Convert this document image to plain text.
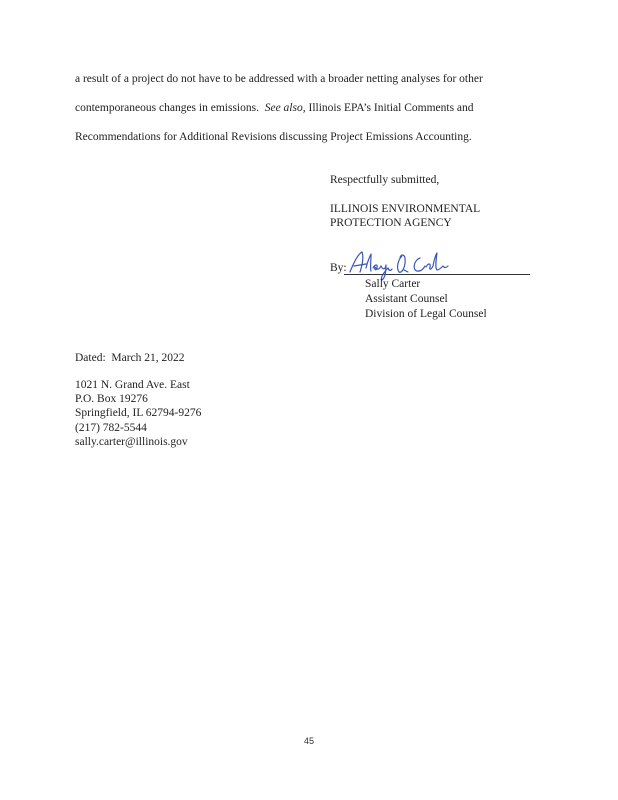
a result of a project do not have to be addressed with a broader netting analyses for other
contemporaneous changes in emissions. See also, Illinois EPA’s Initial Comments and
Recommendations for Additional Revisions discussing Project Emissions Accounting.
Respectfully submitted,
ILLINOIS ENVIRONMENTAL
PROTECTION AGENCY
By:
Sally Carter
Assistant Counsel
Division of Legal Counsel
Dated: March 21, 2022
1021 N. Grand Ave. East
P.O. Box 19276
Springfield, IL 62794-9276
(217) 782-5544
sally.carter@illinois.gov
45
